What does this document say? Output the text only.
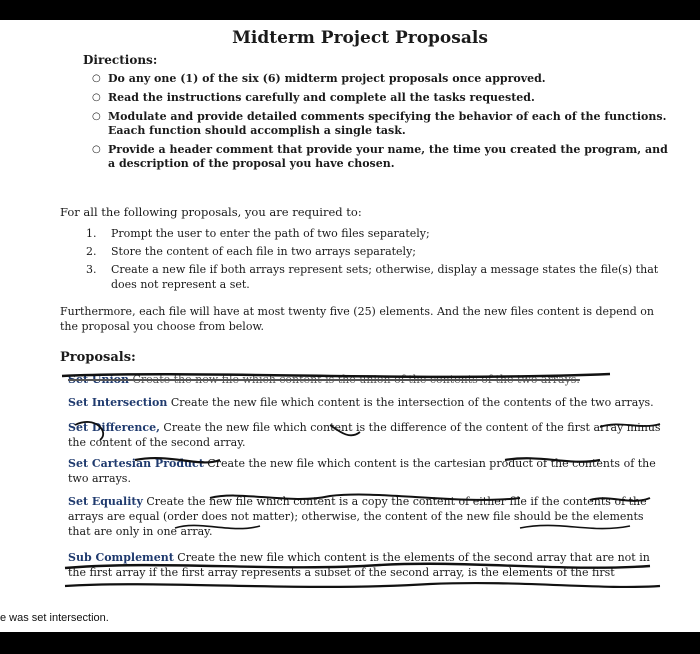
Midterm Project Proposals
Directions:
○ Do any one (1) of the six (6) midterm project proposals once approved.
○ Read the instructions carefully and complete all the tasks requested.
○ Modulate and provide detailed comments specifying the behavior of each of the functions. Eaach function should accomplish a single task.
○ Provide a header comment that provide your name, the time you created the program, and a description of the proposal you have chosen.
For all the following proposals, you are required to:
1. Prompt the user to enter the path of two files separately;
2. Store the content of each file in two arrays separately;
3. Create a new file if both arrays represent sets; otherwise, display a message states the file(s) that does not represent a set.
Furthermore, each file will have at most twenty five (25) elements. And the new files content is depend on the proposal you choose from below.
Proposals:
Set Union Create the new file which content is the union of the contents of the two arrays.
Set Intersection Create the new file which content is the intersection of the contents of the two arrays.
Set Difference, Create the new file which content is the difference of the content of the first array minus the content of the second array.
Set Cartesian Product Create the new file which content is the cartesian product of the contents of the two arrays.
Set Equality Create the new file which content is a copy the content of either file if the contents of the arrays are equal (order does not matter); otherwise, the content of the new file should be the elements that are only in one array.
Sub Complement Create the new file which content is the elements of the second array that are not in the first array if the first array represents a subset of the second array, is the elements of the first
e was set intersection.
